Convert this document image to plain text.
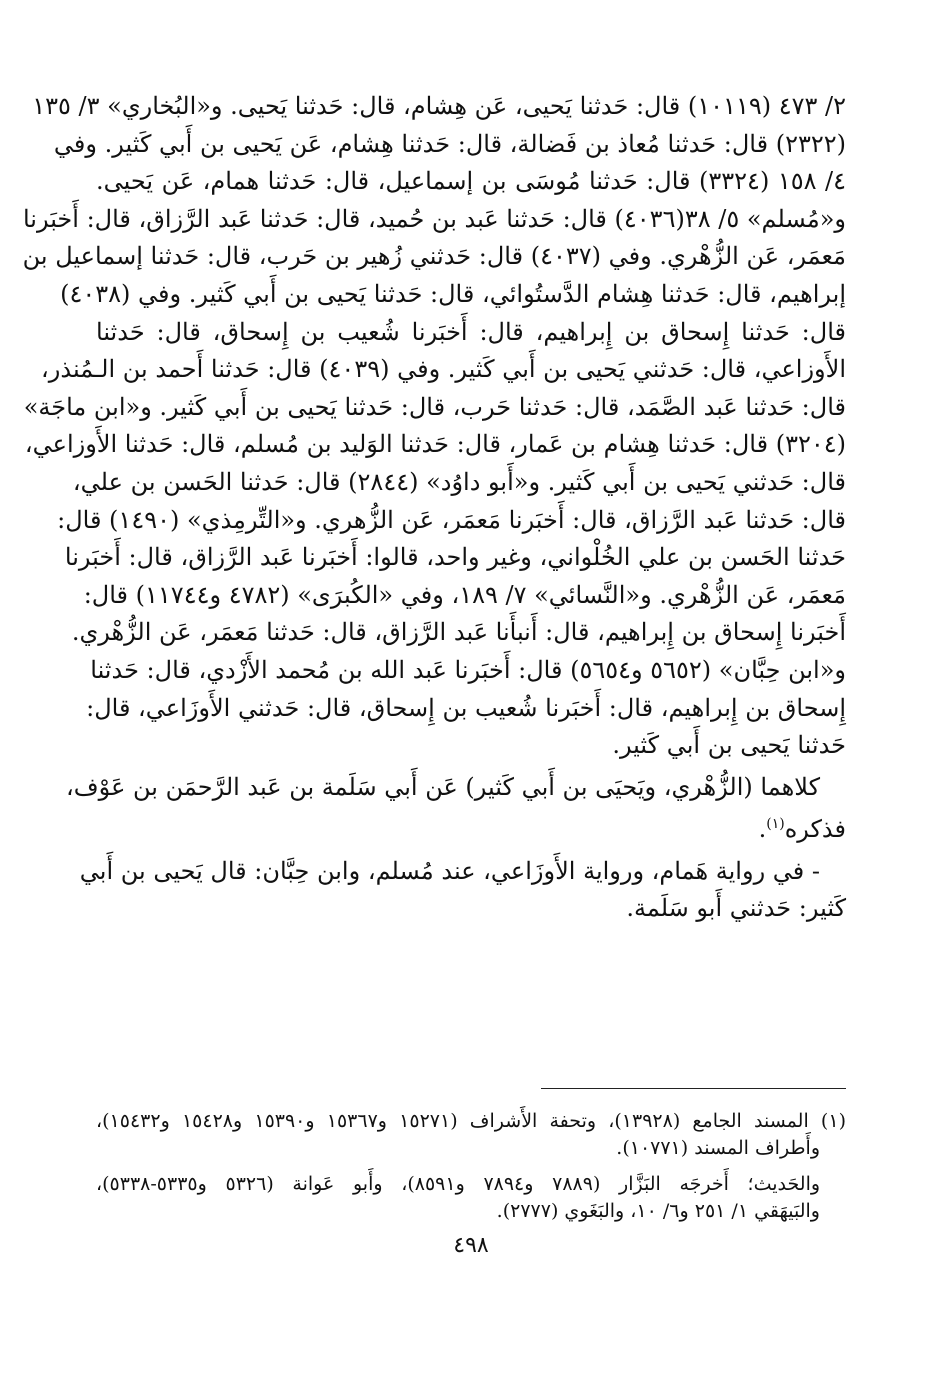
٢/ ٤٧٣ (١٠١١٩) قال: حَدثنا يَحيى، عَن هِشام، قال: حَدثنا يَحيى. و«البُخاري» ٣/ ١٣٥
(٢٣٢٢) قال: حَدثنا مُعاذ بن فَضالة، قال: حَدثنا هِشام، عَن يَحيى بن أَبي كَثير. وفي
٤/ ١٥٨ (٣٣٢٤) قال: حَدثنا مُوسَى بن إسماعيل، قال: حَدثنا همام، عَن يَحيى.
و«مُسلم» ٥/ ٣٨(٤٠٣٦) قال: حَدثنا عَبد بن حُميد، قال: حَدثنا عَبد الرَّزاق، قال: أَخبَرنا
مَعمَر، عَن الزُّهْري. وفي (٤٠٣٧) قال: حَدثني زُهير بن حَرب، قال: حَدثنا إسماعيل بن
إبراهيم، قال: حَدثنا هِشام الدَّستُوائي، قال: حَدثنا يَحيى بن أَبي كَثير. وفي (٤٠٣٨)
قال: حَدثنا إِسحاق بن إِبراهيم، قال: أَخبَرنا شُعيب بن إِسحاق، قال: حَدثنا
الأَوزاعي، قال: حَدثني يَحيى بن أَبي كَثير. وفي (٤٠٣٩) قال: حَدثنا أَحمد بن الـمُنذر،
قال: حَدثنا عَبد الصَّمَد، قال: حَدثنا حَرب، قال: حَدثنا يَحيى بن أَبي كَثير. و«ابن ماجَة»
(٣٢٠٤) قال: حَدثنا هِشام بن عَمار، قال: حَدثنا الوَليد بن مُسلم، قال: حَدثنا الأَوزاعي،
قال: حَدثني يَحيى بن أَبي كَثير. و«أَبو داوُد» (٢٨٤٤) قال: حَدثنا الحَسن بن علي،
قال: حَدثنا عَبد الرَّزاق، قال: أَخبَرنا مَعمَر، عَن الزُّهري. و«التِّرمِذي» (١٤٩٠) قال:
حَدثنا الحَسن بن علي الخُلْواني، وغير واحد، قالوا: أَخبَرنا عَبد الرَّزاق، قال: أَخبَرنا
مَعمَر، عَن الزُّهْري. و«النَّسائي» ٧/ ١٨٩، وفي «الكُبرَى» (٤٧٨٢ و١١٧٤٤) قال:
أَخبَرنا إِسحاق بن إِبراهيم، قال: أَنبأَنا عَبد الرَّزاق، قال: حَدثنا مَعمَر، عَن الزُّهْري.
و«ابن حِبَّان» (٥٦٥٢ و٥٦٥٤) قال: أَخبَرنا عَبد الله بن مُحمد الأَزْدي، قال: حَدثنا
إِسحاق بن إِبراهيم، قال: أَخبَرنا شُعيب بن إِسحاق، قال: حَدثني الأَوزَاعي، قال:
حَدثنا يَحيى بن أَبي كَثير.

كلاهما (الزُّهْري، ويَحيَى بن أَبي كَثير) عَن أَبي سَلَمة بن عَبد الرَّحمَن بن عَوْف،
فذكره$^{(١)}$.

- في رواية هَمام، ورواية الأَوزَاعي، عند مُسلم، وابن حِبَّان: قال يَحيى بن أَبي
كَثير: حَدثني أَبو سَلَمة.

(١) المسند الجامع (١٣٩٢٨)، وتحفة الأَشراف (١٥٢٧١ و١٥٣٦٧ و١٥٣٩٠ و١٥٤٢٨ و١٥٤٣٢)،
وأَطراف المسند (١٠٧٧١).
والحَديث؛ أَخرجَه البَزَّار (٧٨٨٩ و٧٨٩٤ و٨٥٩١)، وأَبو عَوانة (٥٣٢٦ و٥٣٣٥-٥٣٣٨)،
والبَيهَقي ١/ ٢٥١ و٦/ ١٠، والبَغَوي (٢٧٧٧).
٤٩٨
